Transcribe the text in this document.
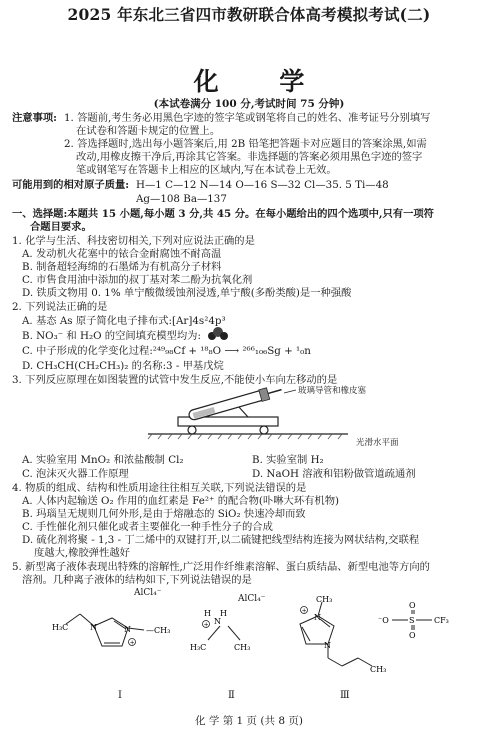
2025 年东北三省四市教研联合体高考模拟考试(二)
化 学
(本试卷满分 100 分,考试时间 75 分钟)
注意事项: 1. 答题前,考生务必用黑色字迹的签字笔或钢笔将自己的姓名、准考证号分别填写
在试卷和答题卡规定的位置上。
2. 答选择题时,选出每小题答案后,用 2B 铅笔把答题卡对应题目的答案涂黑,如需
改动,用橡皮擦干净后,再涂其它答案。非选择题的答案必须用黑色字迹的签字
笔或钢笔写在答题卡上相应的区域内,写在本试卷上无效。
可能用到的相对原子质量: H—1 C—12 N—14 O—16 S—32 Cl—35. 5 Ti—48
Ag—108 Ba—137
一、选择题:本题共 15 小题,每小题 3 分,共 45 分。在每小题给出的四个选项中,只有一项符
合题目要求。
1. 化学与生活、科技密切相关,下列对应说法正确的是
A. 发动机火花塞中的铱合金耐腐蚀不耐高温
B. 制备超轻海绵的石墨烯为有机高分子材料
C. 市售食用油中添加的叔丁基对苯二酚为抗氧化剂
D. 铁质文物用 0. 1% 单宁酸微缓蚀剂浸透,单宁酸(多酚类酸)是一种强酸
2. 下列说法正确的是
A. 基态 As 原子简化电子排布式:[Ar]4s²4p³
B. NO₃⁻ 和 H₂O 的空间填充模型均为:
C. 中子形成的化学变化过程:²⁴⁹₉₈Cf + ¹⁸₈O ⟶ ²⁶⁶₁₀₆Sg + ¹₀n
D. CH₃CH(CH₂CH₃)₂ 的名称:3 - 甲基戊烷
3. 下列反应原理在如图装置的试管中发生反应,不能使小车向左移动的是
玻璃导管和橡皮塞
光滑水平面
A. 实验室用 MnO₂ 和浓盐酸制 Cl₂	B. 实验室制 H₂
C. 泡沫灭火器工作原理	D. NaOH 溶液和铝粉做管道疏通剂
4. 物质的组成、结构和性质用途往往相互关联,下列说法错误的是
A. 人体内起输送 O₂ 作用的血红素是 Fe²⁺ 的配合物(卟啉大环有机物)
B. 玛瑙呈无规则几何外形,是由于熔融态的 SiO₂ 快速冷却而致
C. 手性催化剂只催化或者主要催化一种手性分子的合成
D. 硫化剂将聚 - 1,3 - 丁二烯中的双键打开,以二硫键把线型结构连接为网状结构,交联程
度越大,橡胶弹性越好
5. 新型离子液体表现出特殊的溶解性,广泛用作纤维素溶解、蛋白质结晶、新型电池等方向的
溶剂。几种离子液体的结构如下,下列说法错误的是
N	N —CH₃
H₃C
+
AlCl₄⁻
N
H
H
+
H₃C	CH₃
AlCl₄⁻	CH₃
N
N
+
CH₃
⁻O	S
O
O
CF₃
Ⅰ	Ⅱ	Ⅲ
化 学 第 1 页 (共 8 页)
